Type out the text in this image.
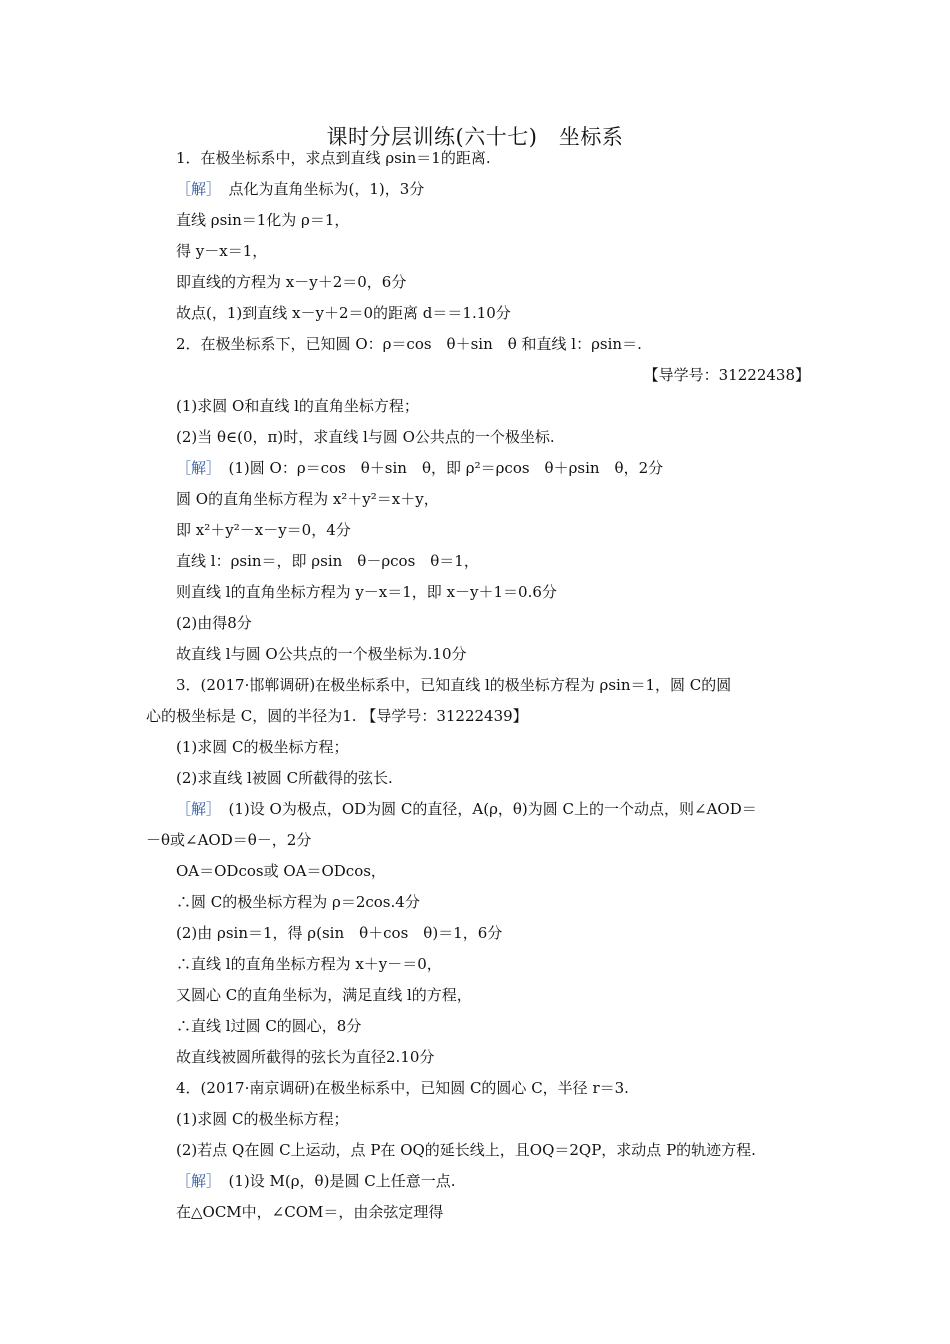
课时分层训练(六十七)　坐标系
1．在极坐标系中，求点到直线 ρsin＝1的距离.
［解］　点化为直角坐标为(，1)，3分
直线 ρsin＝1化为 ρ＝1，
得 y－x＝1，
即直线的方程为 x－y＋2＝0，6分
故点(，1)到直线 x－y＋2＝0的距离 d＝＝1.10分
2．在极坐标系下，已知圆 O：ρ＝cos　θ＋sin　θ 和直线 l：ρsin＝.
【导学号：31222438】
(1)求圆 O和直线 l的直角坐标方程；
(2)当 θ∈(0，π)时，求直线 l与圆 O公共点的一个极坐标.
［解］　(1)圆 O：ρ＝cos　θ＋sin　θ，即 ρ²＝ρcos　θ＋ρsin　θ，2分
圆 O的直角坐标方程为 x²＋y²＝x＋y，
即 x²＋y²－x－y＝0，4分
直线 l：ρsin＝，即 ρsin　θ－ρcos　θ＝1，
则直线 l的直角坐标方程为 y－x＝1，即 x－y＋1＝0.6分
(2)由得8分
故直线 l与圆 O公共点的一个极坐标为.10分
3．(2017·邯郸调研)在极坐标系中，已知直线 l的极坐标方程为 ρsin＝1，圆 C的圆
心的极坐标是 C，圆的半径为1. 【导学号：31222439】
(1)求圆 C的极坐标方程；
(2)求直线 l被圆 C所截得的弦长.
［解］　(1)设 O为极点，OD为圆 C的直径，A(ρ，θ)为圆 C上的一个动点，则∠AOD＝
－θ或∠AOD＝θ－，2分
OA＝ODcos或 OA＝ODcos，
∴圆 C的极坐标方程为 ρ＝2cos.4分
(2)由 ρsin＝1，得 ρ(sin　θ＋cos　θ)＝1，6分
∴直线 l的直角坐标方程为 x＋y－＝0，
又圆心 C的直角坐标为，满足直线 l的方程，
∴直线 l过圆 C的圆心，8分
故直线被圆所截得的弦长为直径2.10分
4．(2017·南京调研)在极坐标系中，已知圆 C的圆心 C，半径 r＝3.
(1)求圆 C的极坐标方程；
(2)若点 Q在圆 C上运动，点 P在 OQ的延长线上，且OQ＝2QP，求动点 P的轨迹方程.
［解］　(1)设 M(ρ，θ)是圆 C上任意一点.
在△OCM中，∠COM＝，由余弦定理得
